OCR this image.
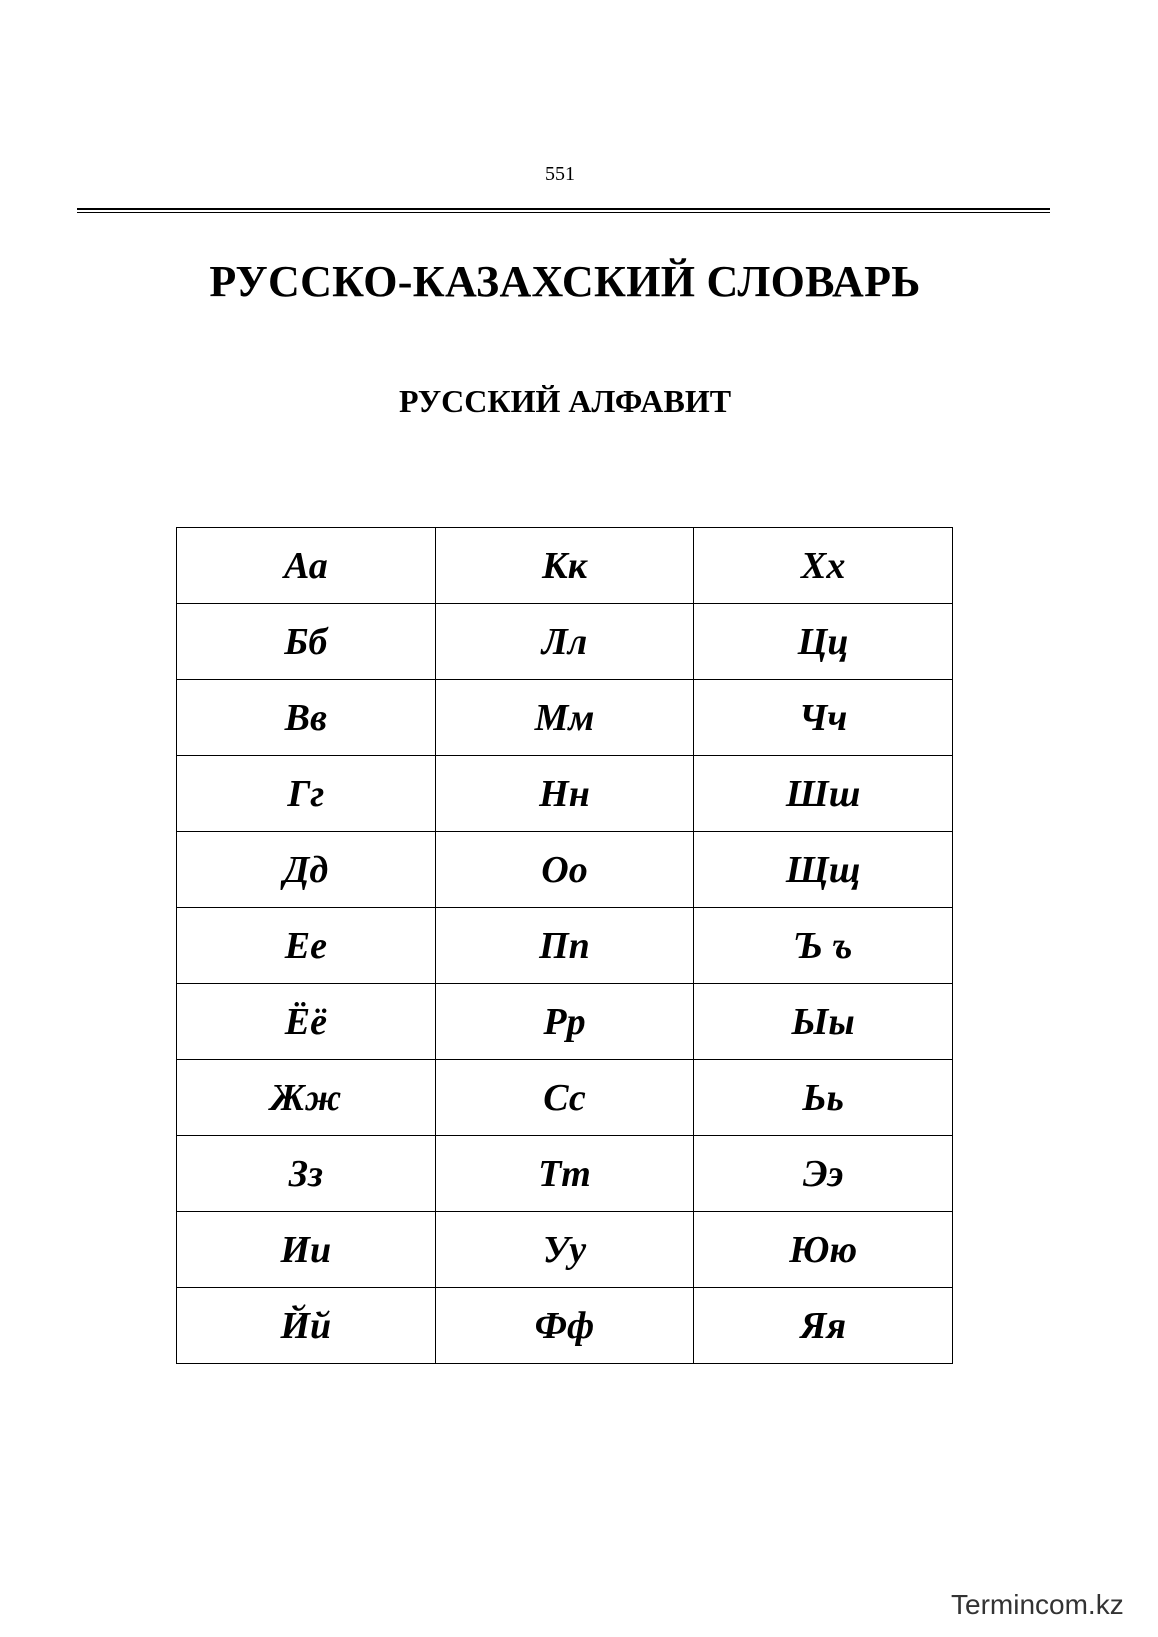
551
РУССКО-КАЗАХСКИЙ СЛОВАРЬ
РУССКИЙ АЛФАВИТ
Аа	Кк	Хх
Бб	Лл	Цц
Вв	Мм	Чч
Гг	Нн	Шш
Дд	Оо	Щщ
Ее	Пп	Ъ ъ
Ёё	Рр	Ыы
Жж	Сс	Ьь
Зз	Тт	Ээ
Ии	Уу	Юю
Йй	Фф	Яя
Termincom.kz
